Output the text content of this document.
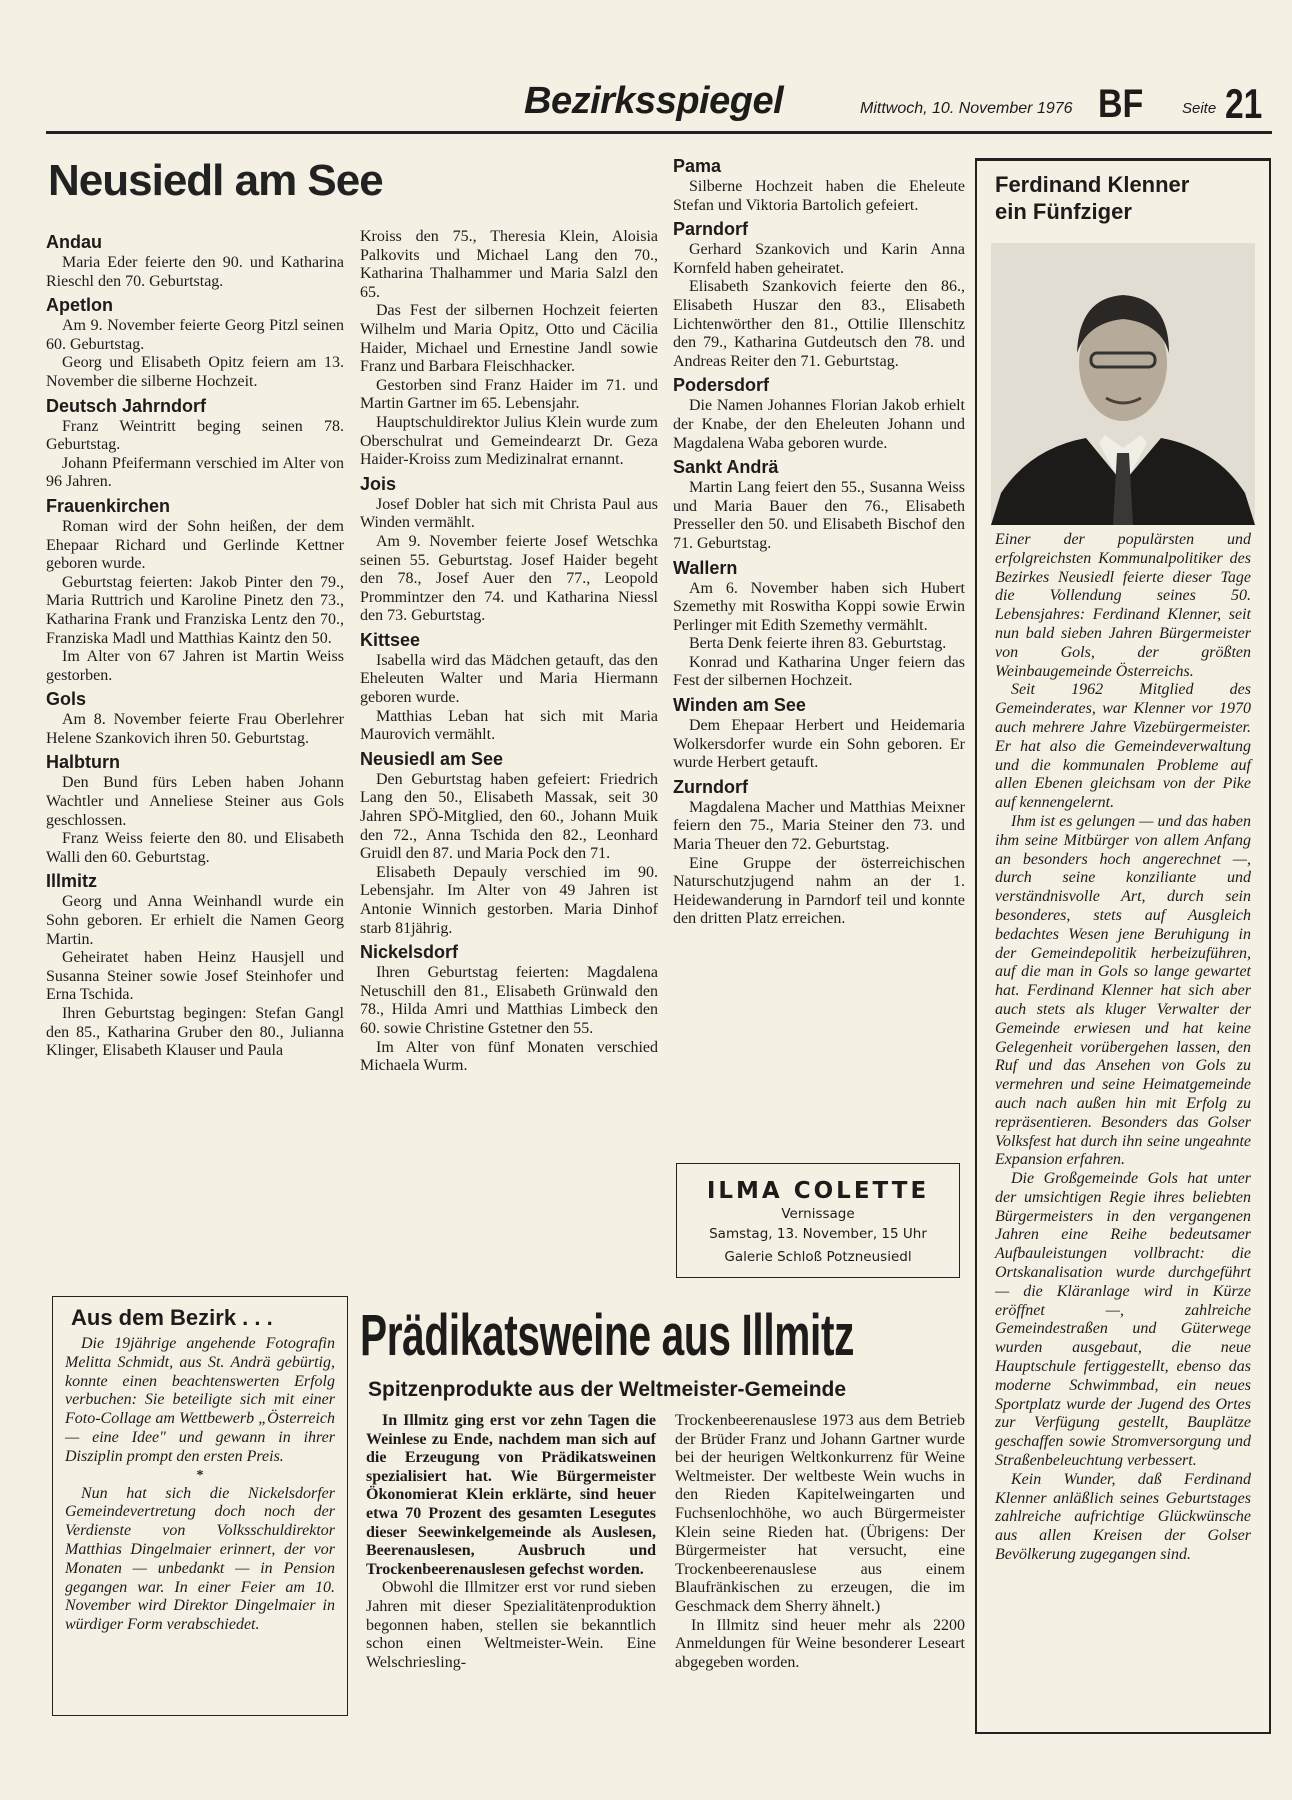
Bezirksspiegel	Mittwoch, 10. November 1976 BF	Seite 21
Neusiedl am See
Andau

Maria Eder feierte den 90. und Katharina Rieschl den 70. Geburtstag.

Apetlon

Am 9. November feierte Georg Pitzl seinen 60. Geburtstag.

Georg und Elisabeth Opitz feiern am 13. November die silberne Hochzeit.

Deutsch Jahrndorf

Franz Weintritt beging seinen 78. Geburtstag.

Johann Pfeifermann verschied im Alter von 96 Jahren.

Frauenkirchen

Roman wird der Sohn heißen, der dem Ehepaar Richard und Gerlinde Kettner geboren wurde.

Geburtstag feierten: Jakob Pinter den 79., Maria Ruttrich und Karoline Pinetz den 73., Katharina Frank und Franziska Lentz den 70., Franziska Madl und Matthias Kaintz den 50.

Im Alter von 67 Jahren ist Martin Weiss gestorben.

Gols

Am 8. November feierte Frau Oberlehrer Helene Szankovich ihren 50. Geburtstag.

Halbturn

Den Bund fürs Leben haben Johann Wachtler und Anneliese Steiner aus Gols geschlossen.

Franz Weiss feierte den 80. und Elisabeth Walli den 60. Geburtstag.

Illmitz

Georg und Anna Weinhandl wurde ein Sohn geboren. Er erhielt die Namen Georg Martin.

Geheiratet haben Heinz Hausjell und Susanna Steiner sowie Josef Steinhofer und Erna Tschida.

Ihren Geburtstag begingen: Stefan Gangl den 85., Katharina Gruber den 80., Julianna Klinger, Elisabeth Klauser und Paula

Kroiss den 75., Theresia Klein, Aloisia Palkovits und Michael Lang den 70., Katharina Thalhammer und Maria Salzl den 65.

Das Fest der silbernen Hochzeit feierten Wilhelm und Maria Opitz, Otto und Cäcilia Haider, Michael und Ernestine Jandl sowie Franz und Barbara Fleischhacker.

Gestorben sind Franz Haider im 71. und Martin Gartner im 65. Lebensjahr.

Hauptschuldirektor Julius Klein wurde zum Oberschulrat und Gemeindearzt Dr. Geza Haider-Kroiss zum Medizinalrat ernannt.

Jois

Josef Dobler hat sich mit Christa Paul aus Winden vermählt.

Am 9. November feierte Josef Wetschka seinen 55. Geburtstag. Josef Haider begeht den 78., Josef Auer den 77., Leopold Prommintzer den 74. und Katharina Niessl den 73. Geburtstag.

Kittsee

Isabella wird das Mädchen getauft, das den Eheleuten Walter und Maria Hiermann geboren wurde.

Matthias Leban hat sich mit Maria Maurovich vermählt.

Neusiedl am See

Den Geburtstag haben gefeiert: Friedrich Lang den 50., Elisabeth Massak, seit 30 Jahren SPÖ-Mitglied, den 60., Johann Muik den 72., Anna Tschida den 82., Leonhard Gruidl den 87. und Maria Pock den 71.

Elisabeth Depauly verschied im 90. Lebensjahr. Im Alter von 49 Jahren ist Antonie Winnich gestorben. Maria Dinhof starb 81jährig.

Nickelsdorf

Ihren Geburtstag feierten: Magdalena Netuschill den 81., Elisabeth Grünwald den 78., Hilda Amri und Matthias Limbeck den 60. sowie Christine Gstetner den 55.

Im Alter von fünf Monaten verschied Michaela Wurm.

Pama

Silberne Hochzeit haben die Eheleute Stefan und Viktoria Bartolich gefeiert.

Parndorf

Gerhard Szankovich und Karin Anna Kornfeld haben geheiratet.

Elisabeth Szankovich feierte den 86., Elisabeth Huszar den 83., Elisabeth Lichtenwörther den 81., Ottilie Illenschitz den 79., Katharina Gutdeutsch den 78. und Andreas Reiter den 71. Geburtstag.

Podersdorf

Die Namen Johannes Florian Jakob erhielt der Knabe, der den Eheleuten Johann und Magdalena Waba geboren wurde.

Sankt Andrä

Martin Lang feiert den 55., Susanna Weiss und Maria Bauer den 76., Elisabeth Presseller den 50. und Elisabeth Bischof den 71. Geburtstag.

Wallern

Am 6. November haben sich Hubert Szemethy mit Roswitha Koppi sowie Erwin Perlinger mit Edith Szemethy vermählt.

Berta Denk feierte ihren 83. Geburtstag.

Konrad und Katharina Unger feiern das Fest der silbernen Hochzeit.

Winden am See

Dem Ehepaar Herbert und Heidemaria Wolkersdorfer wurde ein Sohn geboren. Er wurde Herbert getauft.

Zurndorf

Magdalena Macher und Matthias Meixner feiern den 75., Maria Steiner den 73. und Maria Theuer den 72. Geburtstag.

Eine Gruppe der österreichischen Naturschutzjugend nahm an der 1. Heidewanderung in Parndorf teil und konnte den dritten Platz erreichen.

ILMA COLETTE
Vernissage
Samstag, 13. November, 15 Uhr
Galerie Schloß Potzneusiedl
Ferdinand Klenner
ein Fünfziger

Einer der populärsten und erfolgreichsten Kommunalpolitiker des Bezirkes Neusiedl feierte dieser Tage die Vollendung seines 50. Lebensjahres: Ferdinand Klenner, seit nun bald sieben Jahren Bürgermeister von Gols, der größten Weinbaugemeinde Österreichs.

Seit 1962 Mitglied des Gemeinderates, war Klenner vor 1970 auch mehrere Jahre Vizebürgermeister. Er hat also die Gemeindeverwaltung und die kommunalen Probleme auf allen Ebenen gleichsam von der Pike auf kennengelernt.

Ihm ist es gelungen — und das haben ihm seine Mitbürger von allem Anfang an besonders hoch angerechnet —, durch seine konziliante und verständnisvolle Art, durch sein besonderes, stets auf Ausgleich bedachtes Wesen jene Beruhigung in der Gemeindepolitik herbeizuführen, auf die man in Gols so lange gewartet hat. Ferdinand Klenner hat sich aber auch stets als kluger Verwalter der Gemeinde erwiesen und hat keine Gelegenheit vorübergehen lassen, den Ruf und das Ansehen von Gols zu vermehren und seine Heimatgemeinde auch nach außen hin mit Erfolg zu repräsentieren. Besonders das Golser Volksfest hat durch ihn seine ungeahnte Expansion erfahren.

Die Großgemeinde Gols hat unter der umsichtigen Regie ihres beliebten Bürgermeisters in den vergangenen Jahren eine Reihe bedeutsamer Aufbauleistungen vollbracht: die Ortskanalisation wurde durchgeführt — die Kläranlage wird in Kürze eröffnet —, zahlreiche Gemeindestraßen und Güterwege wurden ausgebaut, die neue Hauptschule fertiggestellt, ebenso das moderne Schwimmbad, ein neues Sportplatz wurde der Jugend des Ortes zur Verfügung gestellt, Bauplätze geschaffen sowie Stromversorgung und Straßenbeleuchtung verbessert.

Kein Wunder, daß Ferdinand Klenner anläßlich seines Geburtstages zahlreiche aufrichtige Glückwünsche aus allen Kreisen der Golser Bevölkerung zugegangen sind.

Aus dem Bezirk . . .

Die 19jährige angehende Fotografin Melitta Schmidt, aus St. Andrä gebürtig, konnte einen beachtenswerten Erfolg verbuchen: Sie beteiligte sich mit einer Foto-Collage am Wettbewerb „Österreich — eine Idee" und gewann in ihrer Disziplin prompt den ersten Preis.

*

Nun hat sich die Nickelsdorfer Gemeindevertretung doch noch der Verdienste von Volksschuldirektor Matthias Dingelmaier erinnert, der vor Monaten — unbedankt — in Pension gegangen war. In einer Feier am 10. November wird Direktor Dingelmaier in würdiger Form verabschiedet.

Prädikatsweine aus Illmitz
Spitzenprodukte aus der Weltmeister-Gemeinde

In Illmitz ging erst vor zehn Tagen die Weinlese zu Ende, nachdem man sich auf die Erzeugung von Prädikatsweinen spezialisiert hat. Wie Bürgermeister Ökonomierat Klein erklärte, sind heuer etwa 70 Prozent des gesamten Lesegutes dieser Seewinkelgemeinde als Auslesen, Beerenauslesen, Ausbruch und Trockenbeerenauslesen gefechst worden.

Obwohl die Illmitzer erst vor rund sieben Jahren mit dieser Spezialitätenproduktion begonnen haben, stellen sie bekanntlich schon einen Weltmeister-Wein. Eine Welschriesling-

Trockenbeerenauslese 1973 aus dem Betrieb der Brüder Franz und Johann Gartner wurde bei der heurigen Weltkonkurrenz für Weine Weltmeister. Der weltbeste Wein wuchs in den Rieden Kapitelweingarten und Fuchsenlochhöhe, wo auch Bürgermeister Klein seine Rieden hat. (Übrigens: Der Bürgermeister hat versucht, eine Trockenbeerenauslese aus einem Blaufränkischen zu erzeugen, die im Geschmack dem Sherry ähnelt.)

In Illmitz sind heuer mehr als 2200 Anmeldungen für Weine besonderer Leseart abgegeben worden.
